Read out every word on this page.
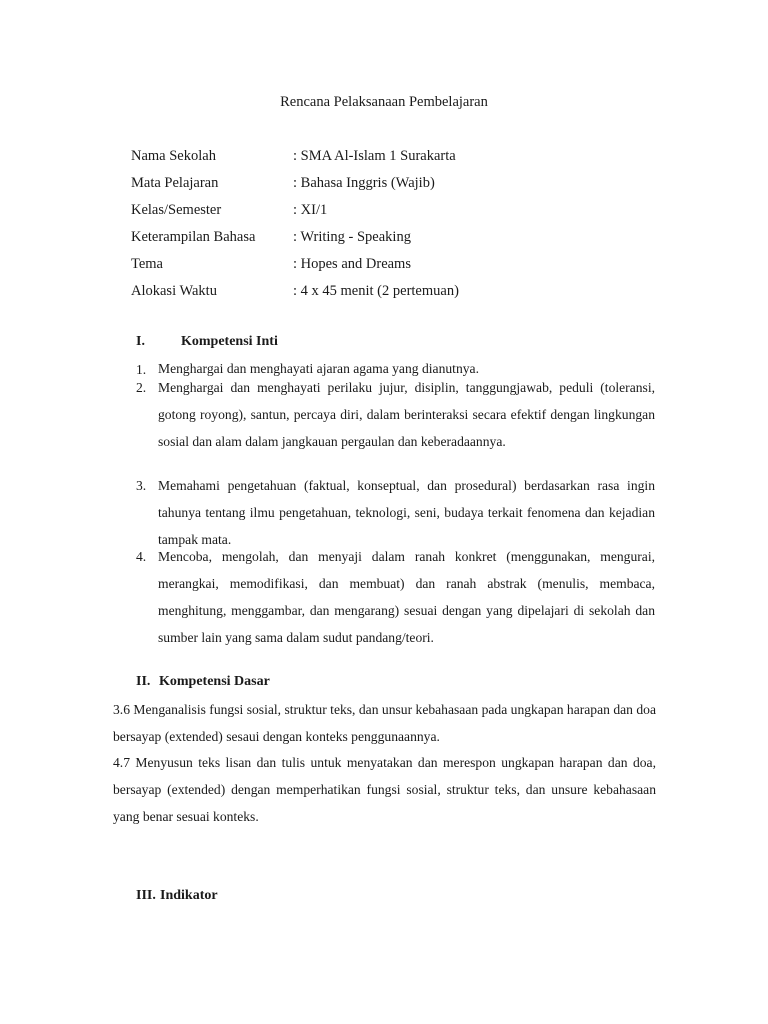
Rencana Pelaksanaan Pembelajaran
Nama Sekolah	: SMA Al-Islam 1 Surakarta
Mata Pelajaran	: Bahasa Inggris (Wajib)
Kelas/Semester	: XI/1
Keterampilan Bahasa	: Writing - Speaking
Tema	: Hopes and Dreams
Alokasi Waktu	: 4 x 45 menit (2 pertemuan)
I.	Kompetensi Inti
1. Menghargai dan menghayati ajaran agama yang dianutnya.
2. Menghargai dan menghayati perilaku jujur, disiplin, tanggungjawab, peduli (toleransi, gotong royong), santun, percaya diri, dalam berinteraksi secara efektif dengan lingkungan sosial dan alam dalam jangkauan pergaulan dan keberadaannya.
3. Memahami pengetahuan (faktual, konseptual, dan prosedural) berdasarkan rasa ingin tahunya tentang ilmu pengetahuan, teknologi, seni, budaya terkait fenomena dan kejadian tampak mata.
4. Mencoba, mengolah, dan menyaji dalam ranah konkret (menggunakan, mengurai, merangkai, memodifikasi, dan membuat) dan ranah abstrak (menulis, membaca, menghitung, menggambar, dan mengarang) sesuai dengan yang dipelajari di sekolah dan sumber lain yang sama dalam sudut pandang/teori.
II. Kompetensi Dasar
3.6 Menganalisis fungsi sosial, struktur teks, dan unsur kebahasaan pada ungkapan harapan dan doa bersayap (extended) sesaui dengan konteks penggunaannya.
4.7 Menyusun teks lisan dan tulis untuk menyatakan dan merespon ungkapan harapan dan doa, bersayap (extended) dengan memperhatikan fungsi sosial, struktur teks, dan unsure kebahasaan yang benar sesuai konteks.
III. Indikator
